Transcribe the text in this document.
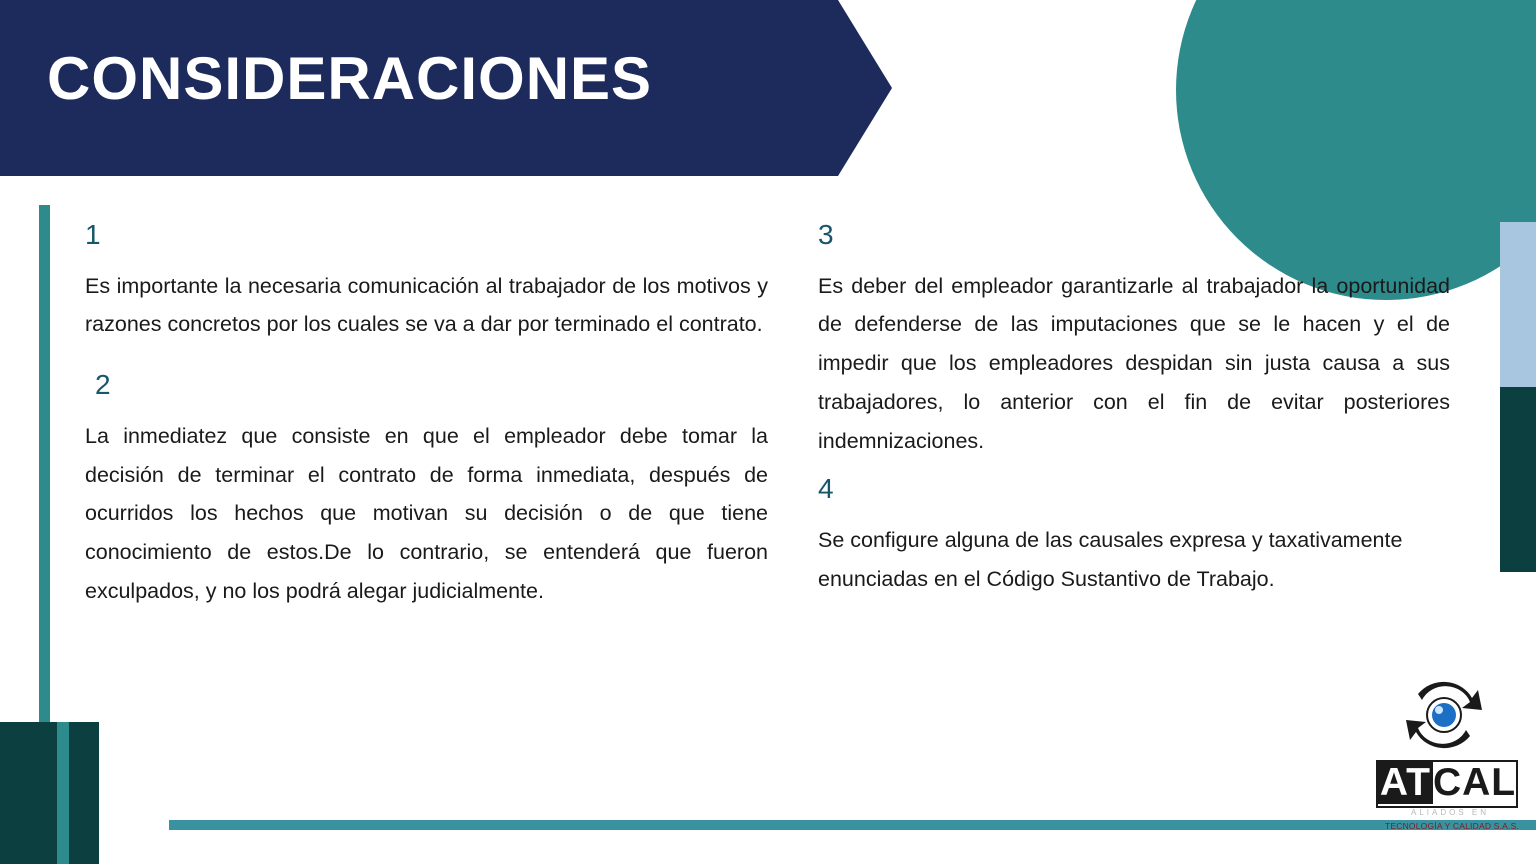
CONSIDERACIONES
1

Es importante la necesaria comunicación al trabajador de los motivos y razones concretos por los cuales se va a dar por terminado el contrato.

2

La inmediatez que consiste en que el empleador debe tomar la decisión de terminar el contrato de forma inmediata, después de ocurridos los hechos que motivan su decisión o de que tiene conocimiento de estos.De lo contrario, se entenderá que fueron exculpados, y no los podrá alegar judicialmente.

3

Es deber del empleador garantizarle al trabajador la oportunidad de defenderse de las imputaciones que se le hacen y el de impedir que los empleadores despidan sin justa causa a sus trabajadores, lo anterior con el fin de evitar posteriores indemnizaciones.

4

Se configure alguna de las causales expresa y taxativamente enunciadas en el Código Sustantivo de Trabajo.

ATCAL
ALIADOS EN
TECNOLOGÍA Y CALIDAD S.A.S.
